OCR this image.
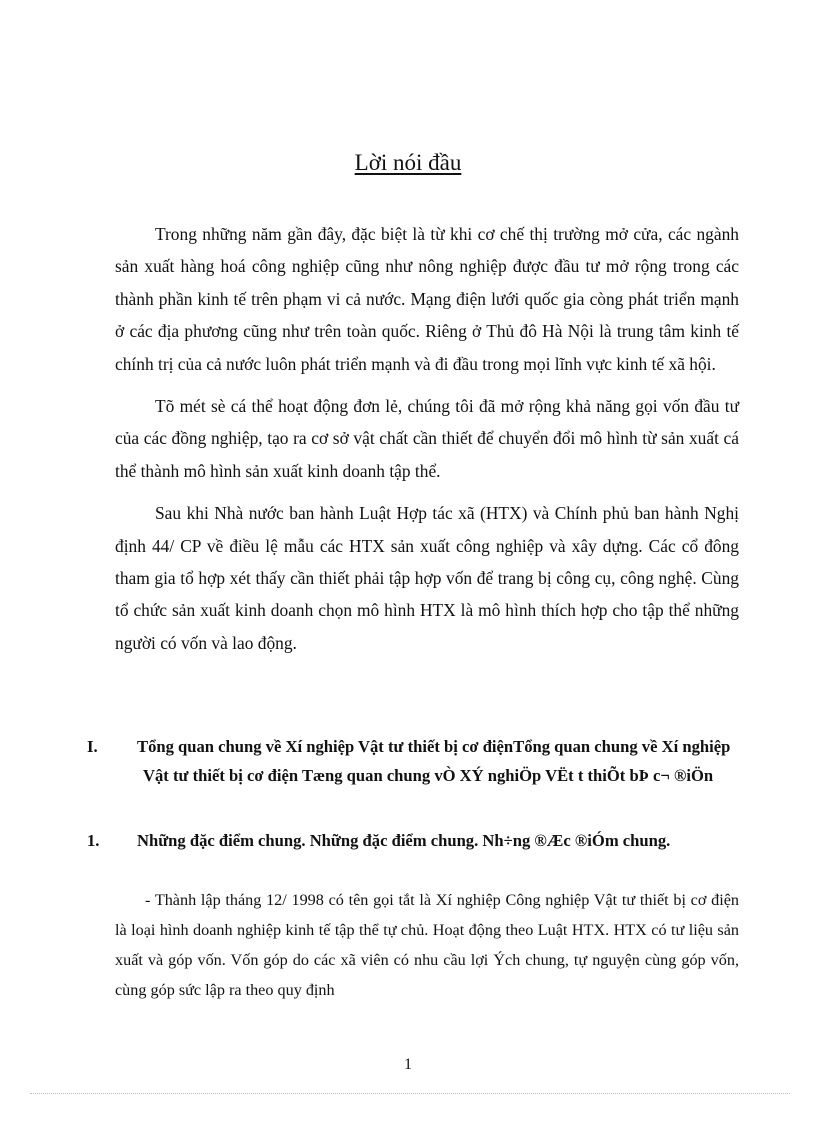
Lời nói đầu

Trong những năm gần đây, đặc biệt là từ khi cơ chế thị trường mở cửa, các ngành sản xuất hàng hoá công nghiệp cũng như nông nghiệp được đầu tư mở rộng trong các thành phần kinh tế trên phạm vi cả nước. Mạng điện lưới quốc gia còng phát triển mạnh ở các địa phương cũng như trên toàn quốc. Riêng ở Thủ đô Hà Nội là trung tâm kinh tế chính trị của cả nước luôn phát triển mạnh và đi đầu trong mọi lĩnh vực kinh tế xã hội.

Tõ mét sè cá thể hoạt động đơn lẻ, chúng tôi đã mở rộng khả năng gọi vốn đầu tư của các đồng nghiệp, tạo ra cơ sở vật chất cần thiết để chuyển đổi mô hình từ sản xuất cá thể thành mô hình sản xuất kinh doanh tập thể.

Sau khi Nhà nước ban hành Luật Hợp tác xã (HTX) và Chính phủ ban hành Nghị định 44/ CP về điều lệ mẫu các HTX sản xuất công nghiệp và xây dựng. Các cổ đông tham gia tổ hợp xét thấy cần thiết phải tập hợp vốn để trang bị công cụ, công nghệ. Cùng tổ chức sản xuất kinh doanh chọn mô hình HTX là mô hình thích hợp cho tập thể những người có vốn và lao động.

I. Tổng quan chung về Xí nghiệp Vật tư thiết bị cơ điệnTổng quan chung về Xí nghiệp Vật tư thiết bị cơ điện Tæng quan chung vÒ XÝ nghiÖp VËt t thiÕt bÞ c¬ ®iÖn

1. Những đặc điểm chung. Những đặc điểm chung. Nh÷ng ®Æc ®iÓm chung.

- Thành lập tháng 12/ 1998 có tên gọi tắt là Xí nghiệp Công nghiệp Vật tư thiết bị cơ điện là loại hình doanh nghiệp kinh tế tập thể tự chủ. Hoạt động theo Luật HTX. HTX có tư liệu sản xuất và góp vốn. Vốn góp do các xã viên có nhu cầu lợi Ých chung, tự nguyện cùng góp vốn, cùng góp sức lập ra theo quy định

1
